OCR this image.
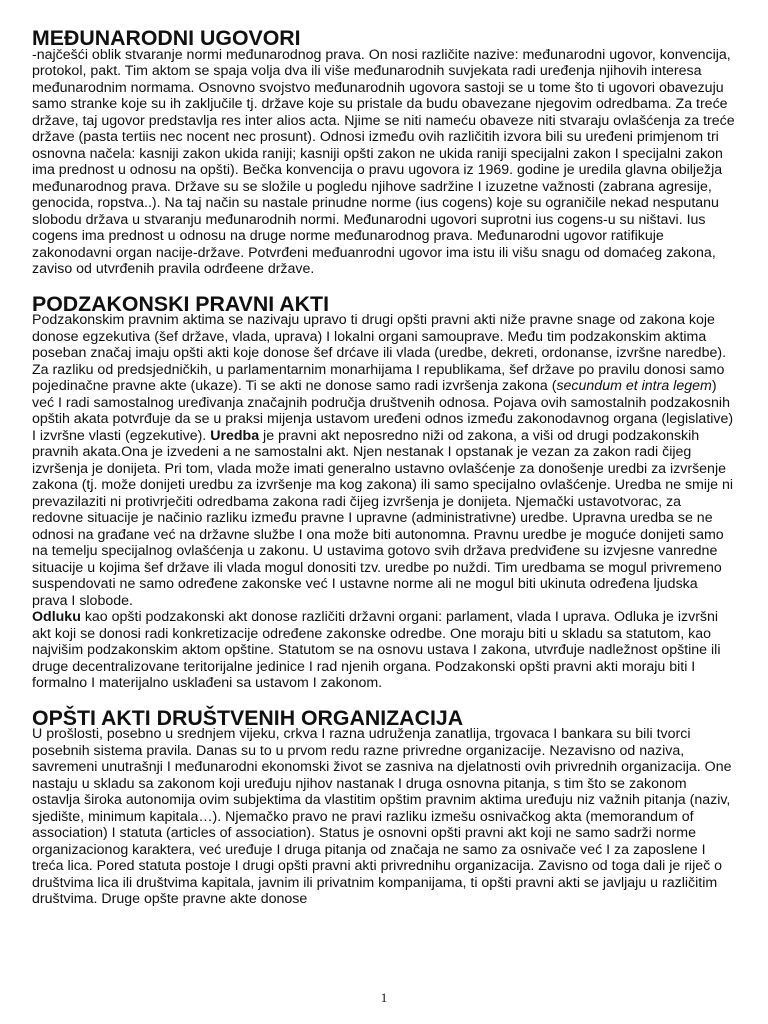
MEĐUNARODNI UGOVORI

-najčešći oblik stvaranje normi međunarodnog prava. On nosi različite nazive: međunarodni ugovor, konvencija, protokol, pakt. Tim aktom se spaja volja dva ili više međunarodnih suvjekata radi uređenja njihovih interesa međunarodnim normama. Osnovno svojstvo međunarodnih ugovora sastoji se u tome što ti ugovori obavezuju samo stranke koje su ih zaključile tj. države koje su pristale da budu obavezane njegovim odredbama. Za treće države, taj ugovor predstavlja res inter alios acta. Njime se niti nameću obaveze niti stvaraju ovlašćenja za treće države (pasta tertiis nec nocent nec prosunt). Odnosi između ovih različitih izvora bili su uređeni primjenom tri osnovna načela: kasniji zakon ukida raniji; kasniji opšti zakon ne ukida raniji specijalni zakon I specijalni zakon ima prednost u odnosu na opšti). Bečka konvencija o pravu ugovora iz 1969. godine je uredila glavna obilježja međunarodnog prava. Države su se složile u pogledu njihove sadržine I izuzetne važnosti (zabrana agresije, genocida, ropstva..). Na taj način su nastale prinudne norme (ius cogens) koje su ograničile nekad nesputanu slobodu država u stvaranju međunarodnih normi. Međunarodni ugovori suprotni ius cogens-u su ništavi. Ius cogens ima prednost u odnosu na druge norme međunarodnog prava. Međunarodni ugovor ratifikuje zakonodavni organ nacije-države. Potvrđeni međuanrodni ugovor ima istu ili višu snagu od domaćeg zakona, zaviso od utvrđenih pravila odrđeene države.

PODZAKONSKI PRAVNI AKTI

Podzakonskim pravnim aktima se nazivaju upravo ti drugi opšti pravni akti niže pravne snage od zakona koje donose egzekutiva (šef države, vlada, uprava) I lokalni organi samouprave. Među tim podzakonskim aktima poseban značaj imaju opšti akti koje donose šef drćave ili vlada (uredbe, dekreti, ordonanse, izvršne naredbe). Za razliku od predsjedničkih, u parlamentarnim monarhijama I republikama, šef države po pravilu donosi samo pojedinačne pravne akte (ukaze). Ti se akti ne donose samo radi izvršenja zakona (secundum et intra legem) već I radi samostalnog uređivanja značajnih područja društvenih odnosa. Pojava ovih samostalnih podzakosnih opštih akata potvrđuje da se u praksi mijenja ustavom uređeni odnos između zakonodavnog organa (legislative) I izvršne vlasti (egzekutive). Uredba je pravni akt neposredno niži od zakona, a viši od drugi podzakonskih pravnih akata.Ona je izvedeni a ne samostalni akt. Njen nestanak I opstanak je vezan za zakon radi čijeg izvršenja je donijeta. Pri tom, vlada može imati generalno ustavno ovlašćenje za donošenje uredbi za izvršenje zakona (tj. može donijeti uredbu za izvršenje ma kog zakona) ili samo specijalno ovlašćenje. Uredba ne smije ni prevazilaziti ni protivrječiti odredbama zakona radi čijeg izvršenja je donijeta. Njemački ustavotvorac, za redovne situacije je načinio razliku između pravne I upravne (administrativne) uredbe. Upravna uredba se ne odnosi na građane već na državne službe I ona može biti autonomna. Pravnu uredbe je moguće donijeti samo na temelju specijalnog ovlašćenja u zakonu. U ustavima gotovo svih država predviđene su izvjesne vanredne situacije u kojima šef države ili vlada mogul donositi tzv. uredbe po nuždi. Tim uredbama se mogul privremeno suspendovati ne samo određene zakonske već I ustavne norme ali ne mogul biti ukinuta određena ljudska prava I slobode.

Odluku kao opšti podzakonski akt donose različiti državni organi: parlament, vlada I uprava. Odluka je izvršni akt koji se donosi radi konkretizacije određene zakonske odredbe. One moraju biti u skladu sa statutom, kao najvišim podzakonskim aktom opštine. Statutom se na osnovu ustava I zakona, utvrđuje nadležnost opštine ili druge decentralizovane teritorijalne jedinice I rad njenih organa. Podzakonski opšti pravni akti moraju biti I formalno I materijalno usklađeni sa ustavom I zakonom.

OPŠTI AKTI DRUŠTVENIH ORGANIZACIJA

U prošlosti, posebno u srednjem vijeku, crkva I razna udruženja zanatlija, trgovaca I bankara su bili tvorci posebnih sistema pravila. Danas su to u prvom redu razne privredne organizacije. Nezavisno od naziva, savremeni unutrašnji I međunarodni ekonomski život se zasniva na djelatnosti ovih privrednih organizacija. One nastaju u skladu sa zakonom koji uređuju njihov nastanak I druga osnovna pitanja, s tim što se zakonom ostavlja široka autonomija ovim subjektima da vlastitim opštim pravnim aktima uređuju niz važnih pitanja (naziv, sjedište, minimum kapitala…). Njemačko pravo ne pravi razliku izmešu osnivačkog akta (memorandum of association) I statuta (articles of association). Status je osnovni opšti pravni akt koji ne samo sadrži norme organizacionog karaktera, već uređuje I druga pitanja od značaja ne samo za osnivače već I za zaposlene I treća lica. Pored statuta postoje I drugi opšti pravni akti privrednihu organizacija. Zavisno od toga dali je riječ o društvima lica ili društvima kapitala, javnim ili privatnim kompanijama, ti opšti pravni akti se javljaju u različitim društvima. Druge opšte pravne akte donose

1
